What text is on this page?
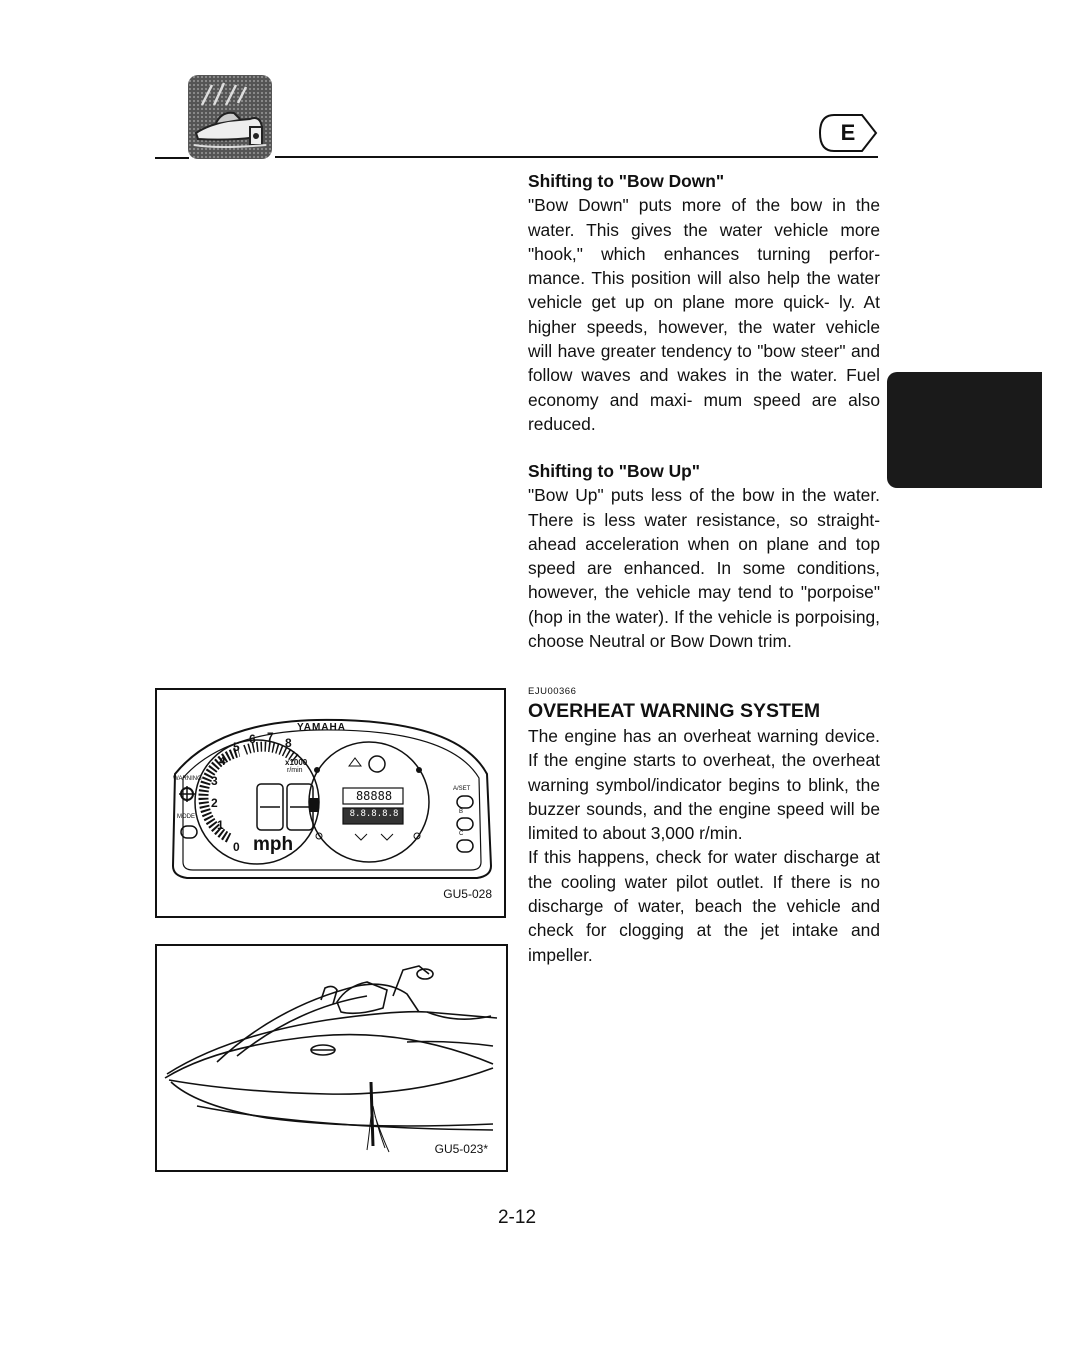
E
Shifting to "Bow Down"

"Bow Down" puts more of the bow in the water. This gives the water vehicle more "hook," which enhances turning perfor- mance. This position will also help the water vehicle get up on plane more quick- ly. At higher speeds, however, the water vehicle will have greater tendency to "bow steer" and follow waves and wakes in the water. Fuel economy and maxi- mum speed are also reduced.

Shifting to "Bow Up"

"Bow Up" puts less of the bow in the water. There is less water resistance, so straight-ahead acceleration when on plane and top speed are enhanced. In some conditions, however, the vehicle may tend to "porpoise" (hop in the water). If the vehicle is porpoising, choose Neutral or Bow Down trim.

EJU00366
OVERHEAT WARNING SYSTEM

The engine has an overheat warning device. If the engine starts to overheat, the overheat warning symbol/indicator begins to blink, the buzzer sounds, and the engine speed will be limited to about 3,000 r/min.

If this happens, check for water discharge at the cooling water pilot outlet. If there is no discharge of water, beach the vehicle and check for clogging at the jet intake and impeller.

YAMAHA
WARNING
MODE
A/SET
B
C
x1000
r/min
mph
0
1
2
3
4
5
6 7 8
88888
8.8.8.8.8
GU5-028
GU5-023*
2-12
